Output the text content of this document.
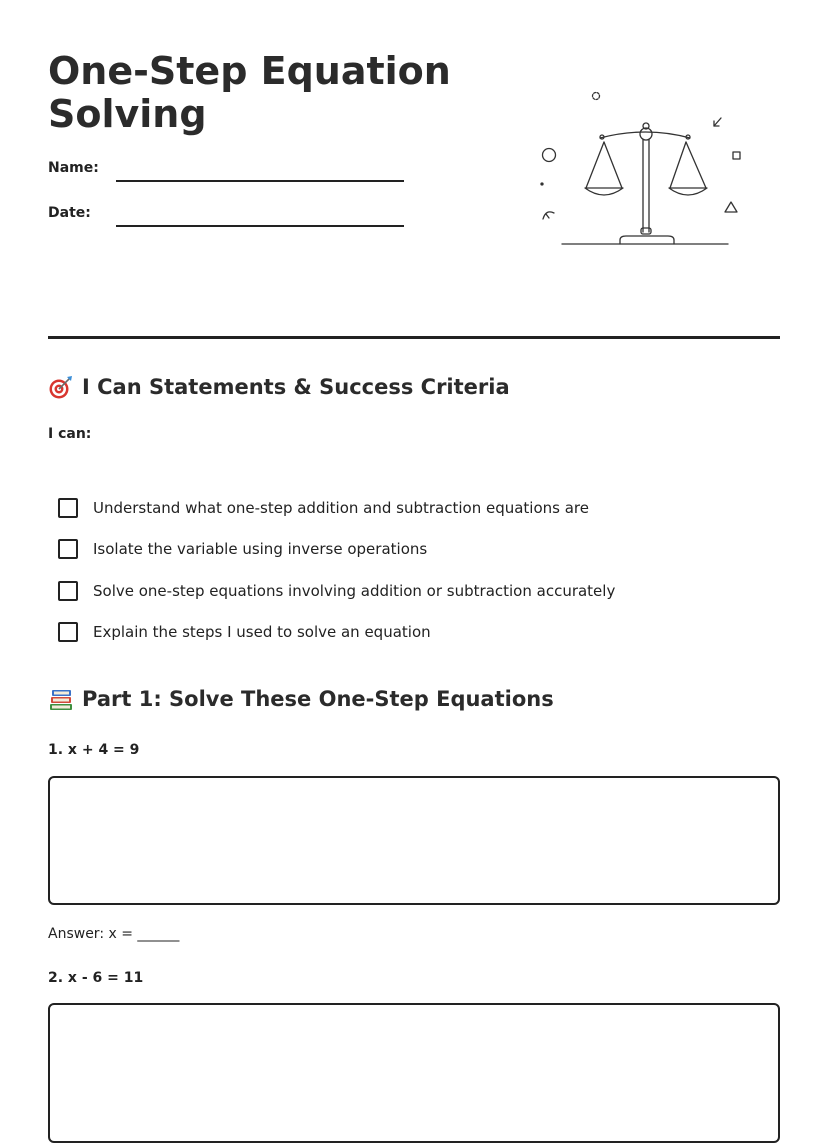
One-Step Equation Solving
Name:
Date:
I Can Statements & Success Criteria
I can:
Understand what one-step addition and subtraction equations are
Isolate the variable using inverse operations
Solve one-step equations involving addition or subtraction accurately
Explain the steps I used to solve an equation
Part 1: Solve These One-Step Equations
1. x + 4 = 9
Answer: x = ______
2. x - 6 = 11
